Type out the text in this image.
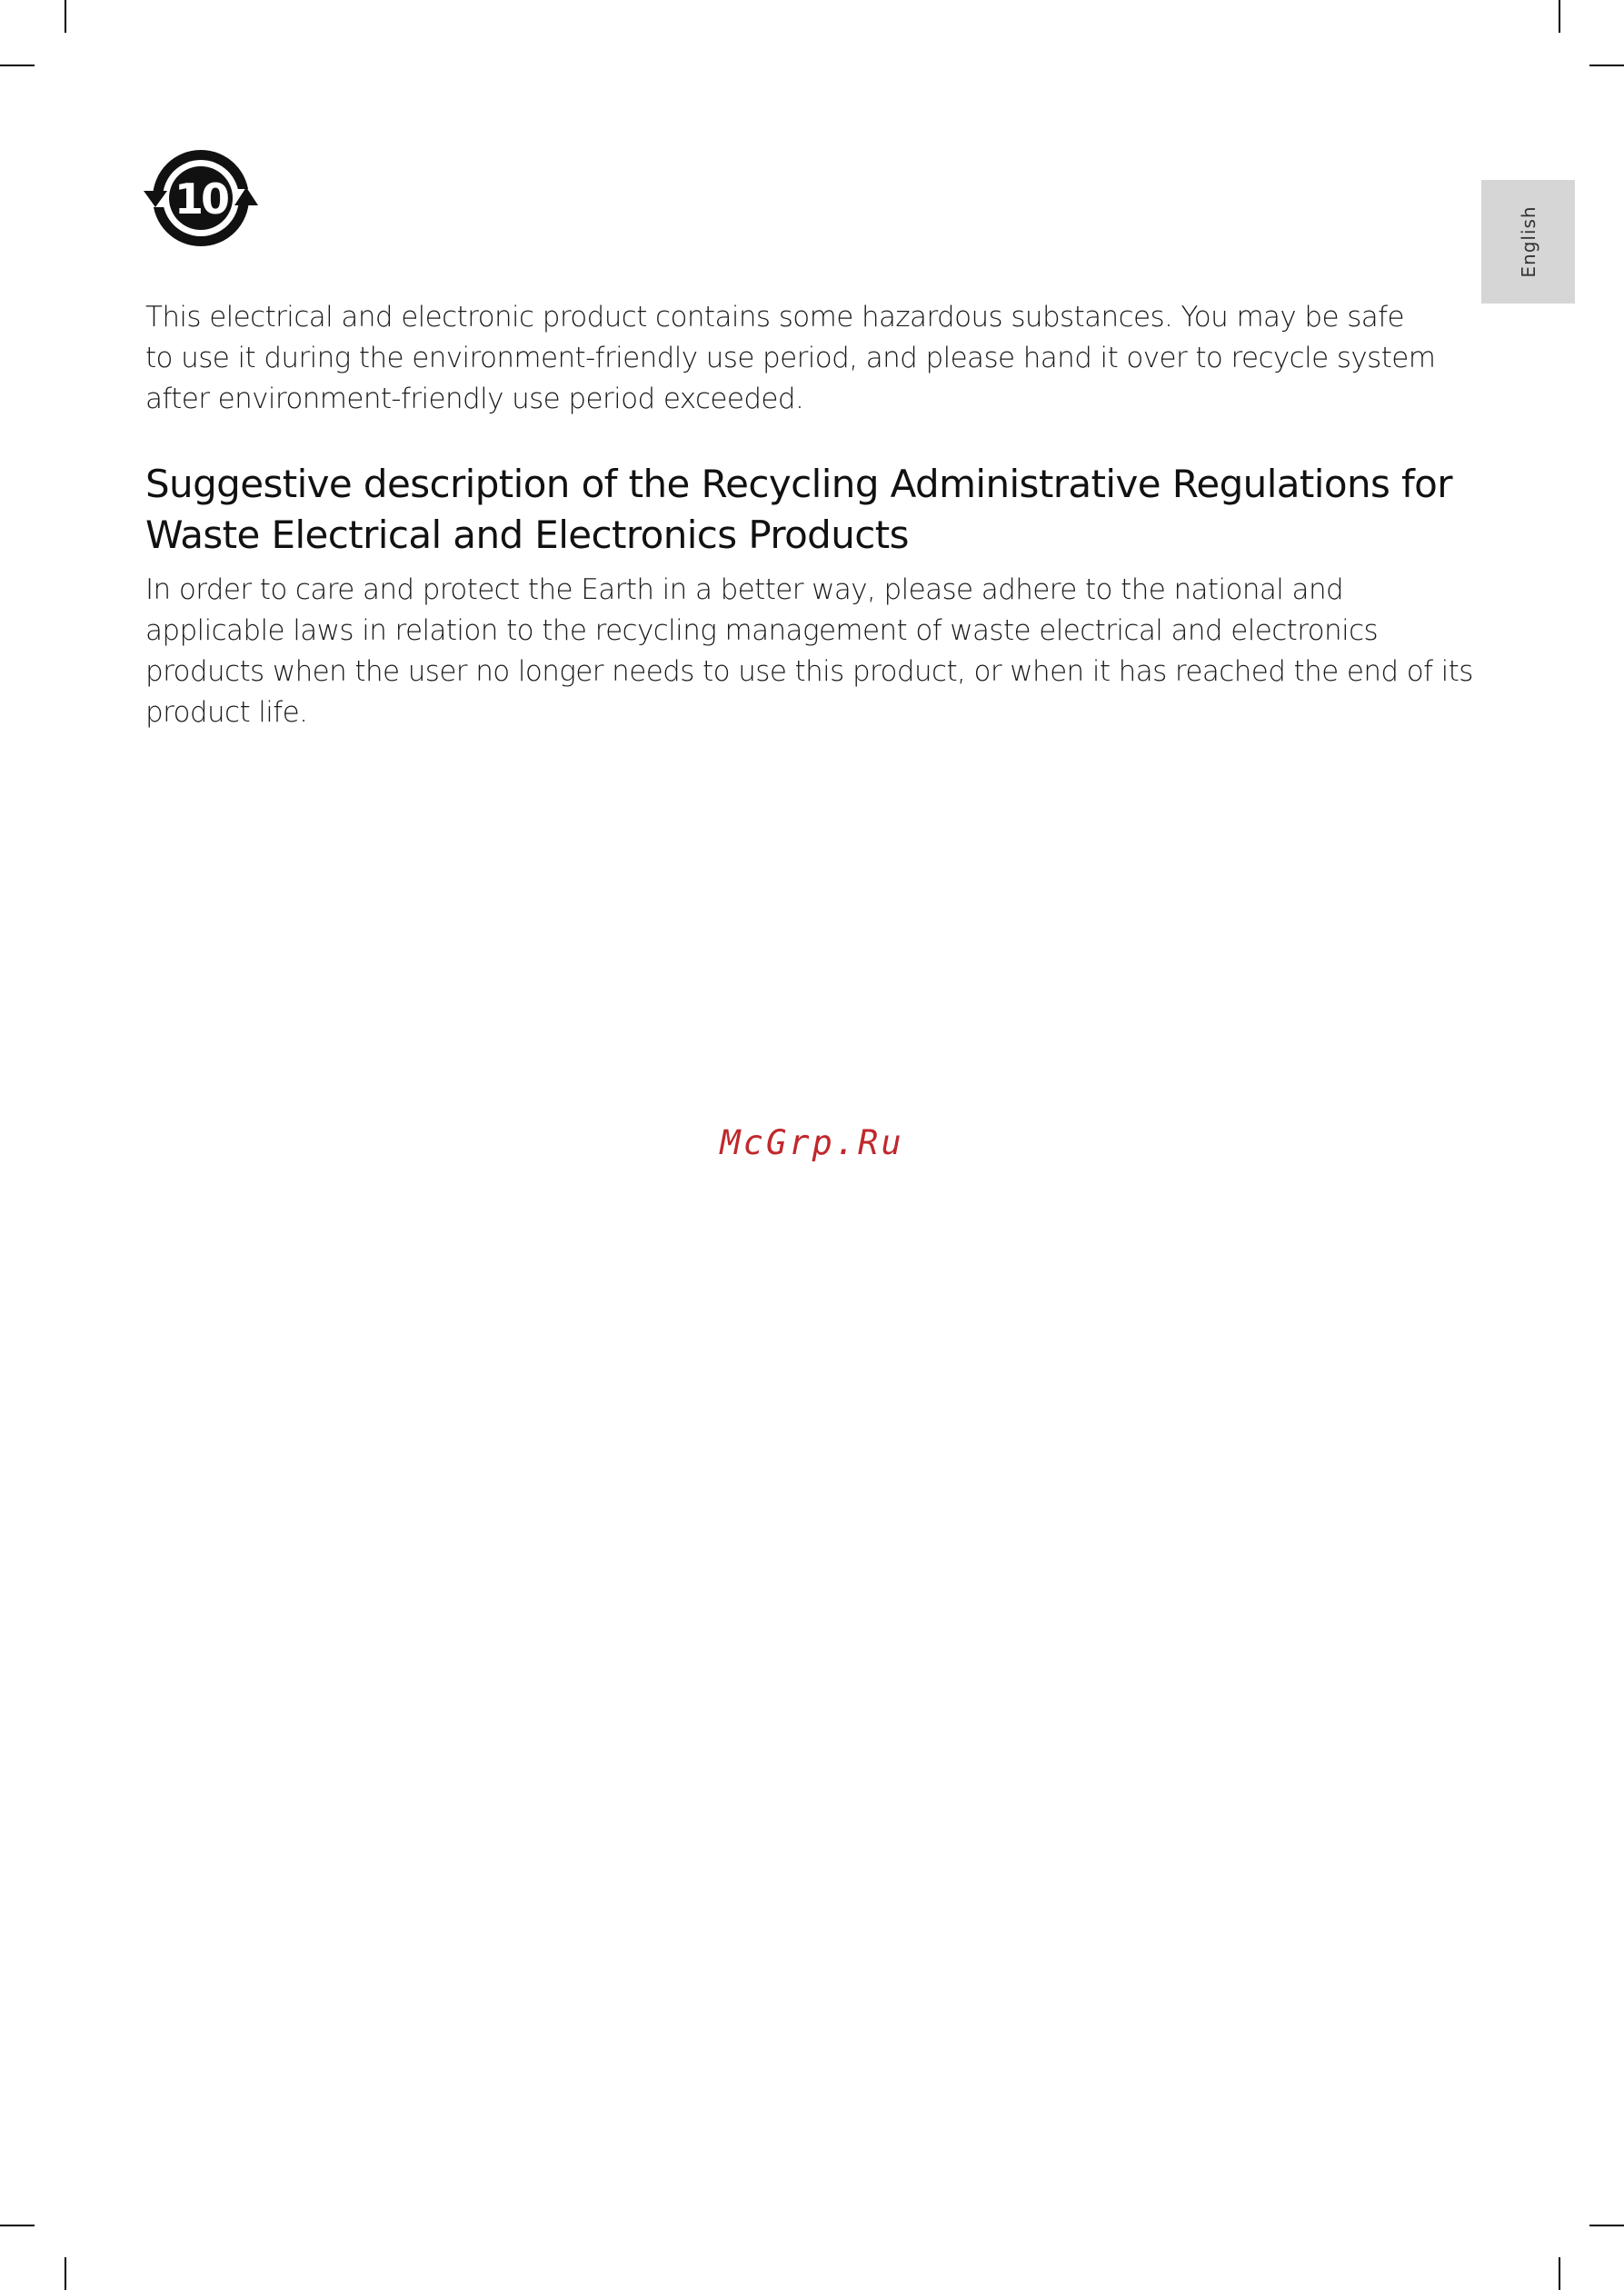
English
10

This electrical and electronic product contains some hazardous substances. You may be safe to use it during the environment-friendly use period, and please hand it over to recycle system after environment-friendly use period exceeded.

Suggestive description of the Recycling Administrative Regulations for Waste Electrical and Electronics Products

In order to care and protect the Earth in a better way, please adhere to the national and applicable laws in relation to the recycling management of waste electrical and electronics products when the user no longer needs to use this product, or when it has reached the end of its product life.

McGrp.Ru
